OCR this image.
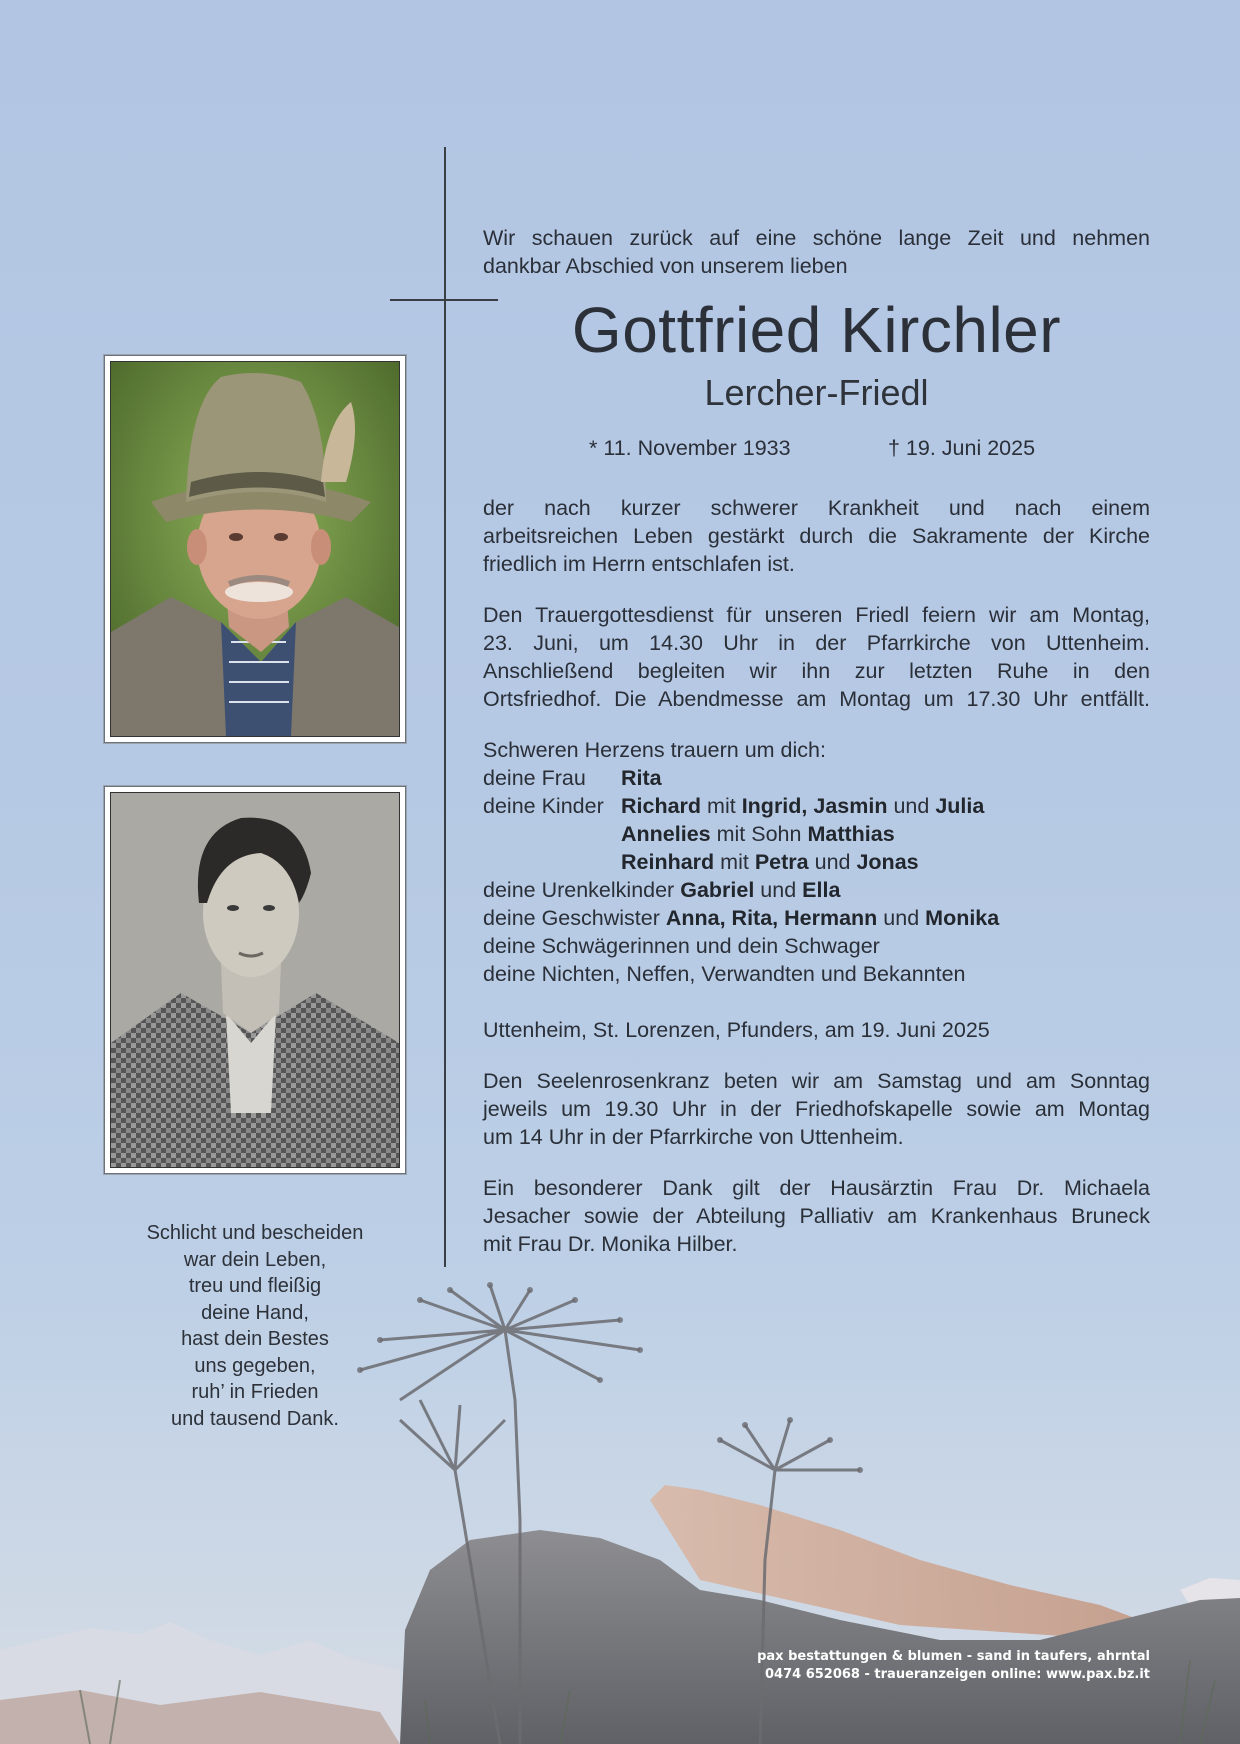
Wir schauen zurück auf eine schöne lange Zeit und nehmen
dankbar Abschied von unserem lieben
Gottfried Kirchler
Lercher-Friedl
* 11. November 1933	† 19. Juni 2025
der nach kurzer schwerer Krankheit und nach einem
arbeitsreichen Leben gestärkt durch die Sakramente der Kirche
friedlich im Herrn entschlafen ist.
Den Trauergottesdienst für unseren Friedl feiern wir am Montag,
23. Juni, um 14.30 Uhr in der Pfarrkirche von Uttenheim.
Anschließend begleiten wir ihn zur letzten Ruhe in den
Ortsfriedhof. Die Abendmesse am Montag um 17.30 Uhr entfällt.
Schweren Herzens trauern um dich:
deine Frau Rita
deine Kinder Richard mit Ingrid, Jasmin und Julia
Annelies mit Sohn Matthias
Reinhard mit Petra und Jonas
deine Urenkelkinder Gabriel und Ella
deine Geschwister Anna, Rita, Hermann und Monika
deine Schwägerinnen und dein Schwager
deine Nichten, Neffen, Verwandten und Bekannten
Uttenheim, St. Lorenzen, Pfunders, am 19. Juni 2025
Den Seelenrosenkranz beten wir am Samstag und am Sonntag
jeweils um 19.30 Uhr in der Friedhofskapelle sowie am Montag
um 14 Uhr in der Pfarrkirche von Uttenheim.
Ein besonderer Dank gilt der Hausärztin Frau Dr. Michaela
Jesacher sowie der Abteilung Palliativ am Krankenhaus Bruneck
mit Frau Dr. Monika Hilber.
Schlicht und bescheiden
war dein Leben,
treu und fleißig
deine Hand,
hast dein Bestes
uns gegeben,
ruh’ in Frieden
und tausend Dank.
pax bestattungen & blumen - sand in taufers, ahrntal
0474 652068 - traueranzeigen online: www.pax.bz.it
